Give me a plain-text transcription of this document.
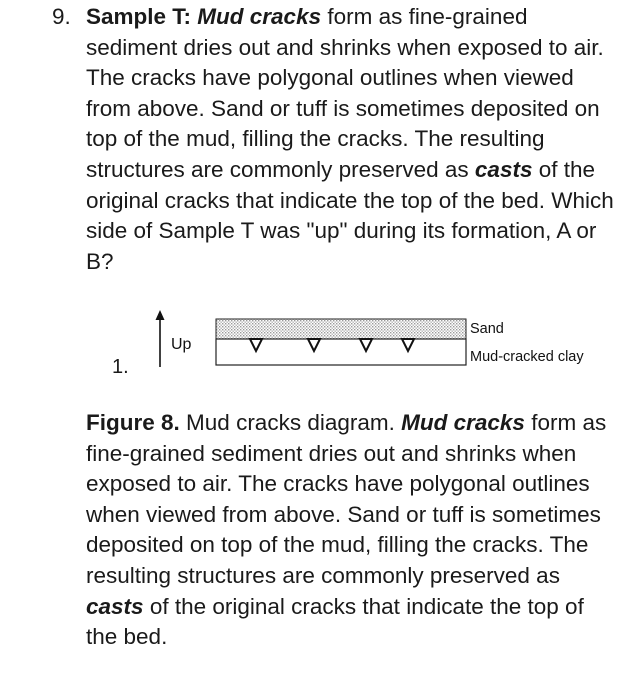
9. Sample T: Mud cracks form as fine-grained sediment dries out and shrinks when exposed to air. The cracks have polygonal outlines when viewed from above. Sand or tuff is sometimes deposited on top of the mud, filling the cracks. The resulting structures are commonly preserved as casts of the original cracks that indicate the top of the bed. Which side of Sample T was "up" during its formation, A or B?
1.
Up
Sand
Mud-cracked clay
Figure 8. Mud cracks diagram. Mud cracks form as fine-grained sediment dries out and shrinks when exposed to air. The cracks have polygonal outlines when viewed from above. Sand or tuff is sometimes deposited on top of the mud, filling the cracks. The resulting structures are commonly preserved as casts of the original cracks that indicate the top of the bed.
